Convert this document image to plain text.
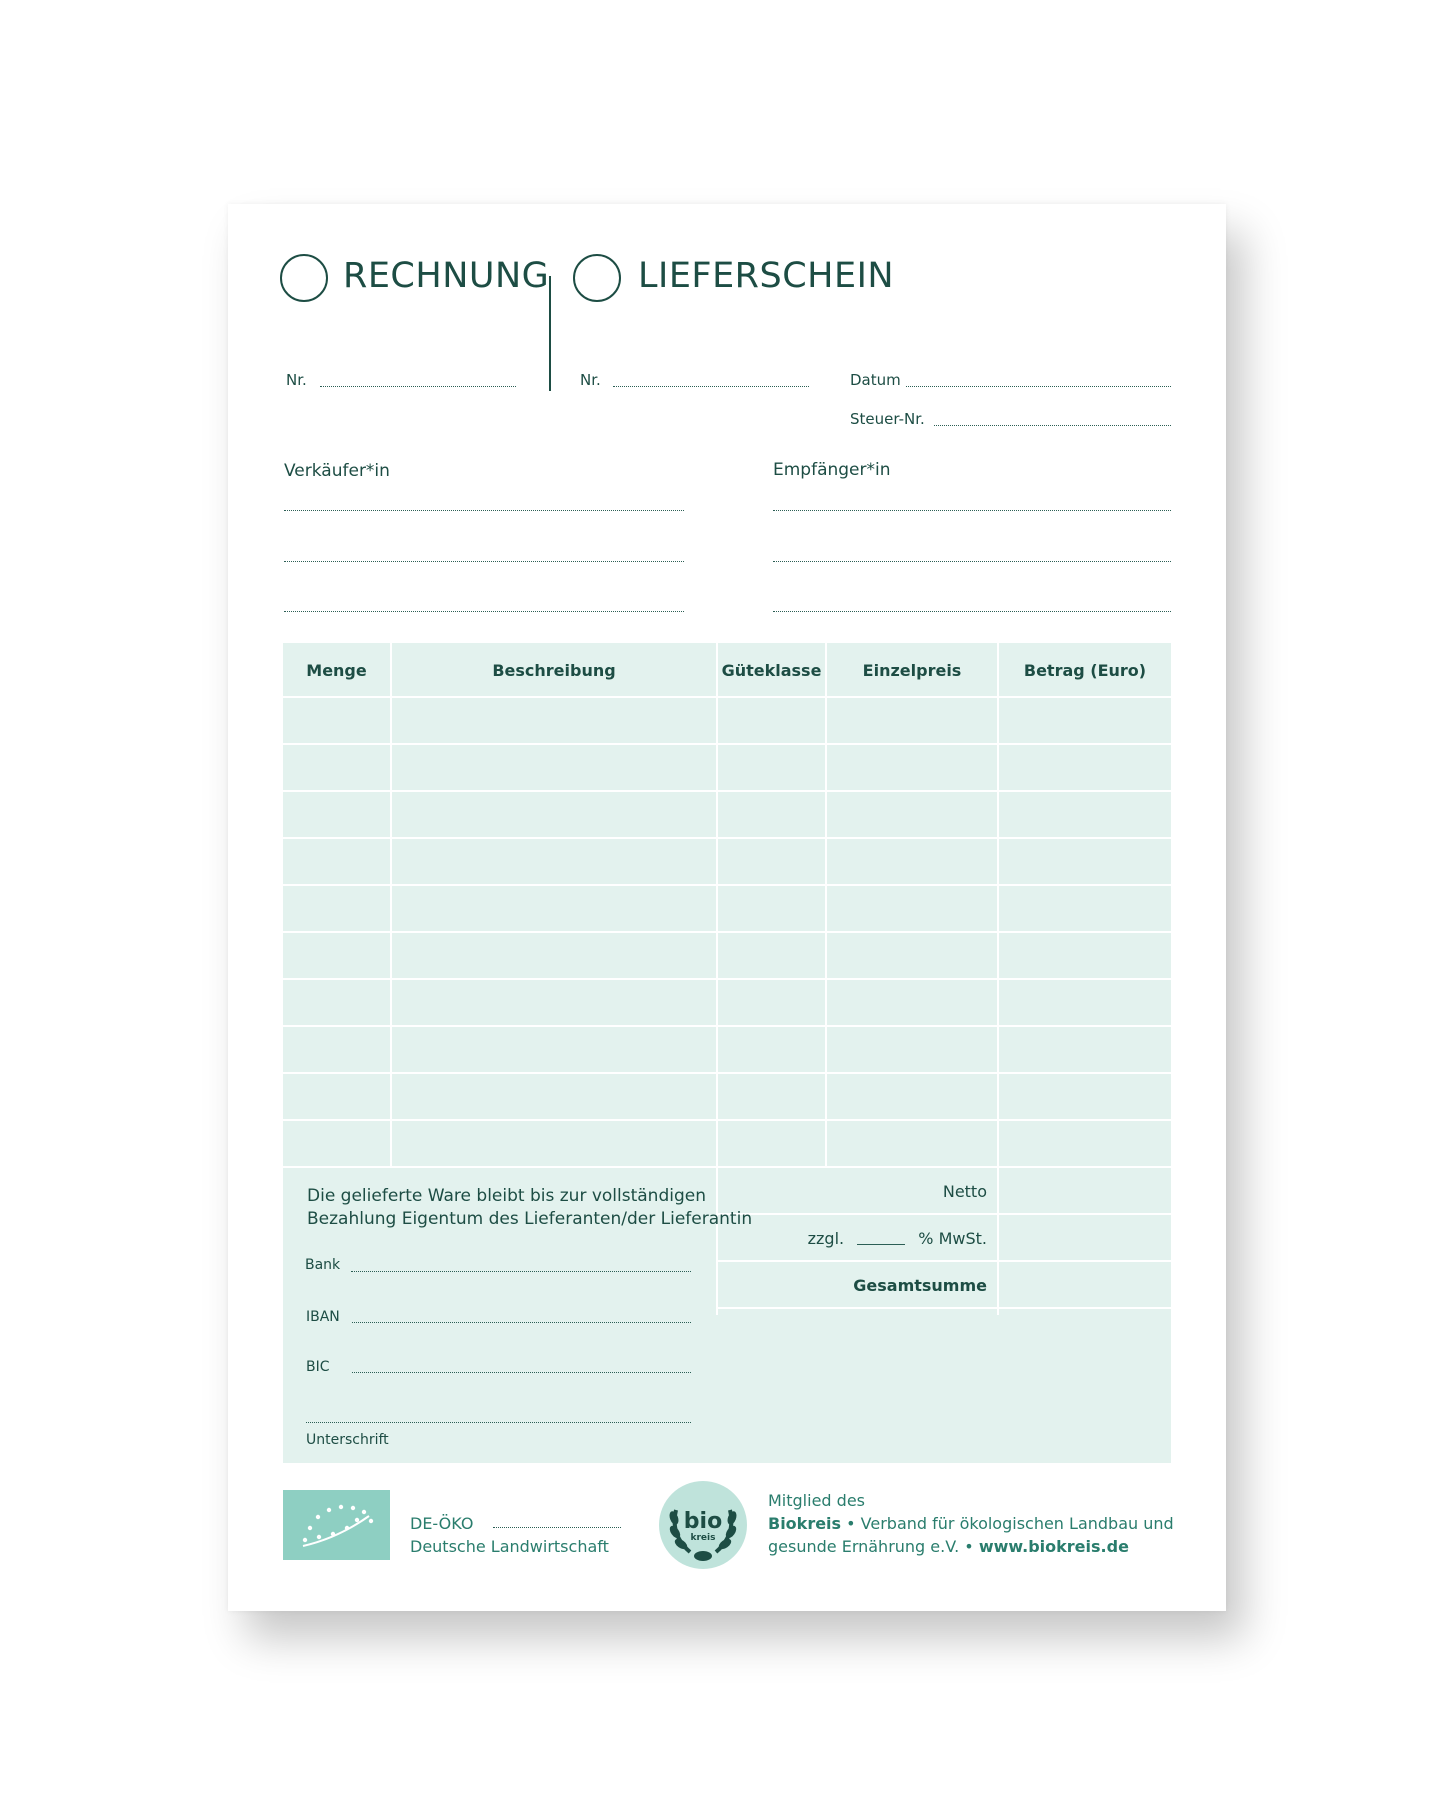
RECHNUNG	LIEFERSCHEIN
Nr.	Nr.	Datum
Steuer-Nr.
Verkäufer*in	Empfänger*in
Menge	Beschreibung	Güteklasse	Einzelpreis	Betrag (Euro)
Die gelieferte Ware bleibt bis zur vollständigen
Bezahlung Eigentum des Lieferanten/der Lieferantin
Bank
IBAN
BIC
Unterschrift
Netto
zzgl.	% MwSt.
Gesamtsumme
DE-ÖKO
Deutsche Landwirtschaft
bio
kreis
Mitglied des
Biokreis • Verband für ökologischen Landbau und
gesunde Ernährung e.V. • www.biokreis.de
